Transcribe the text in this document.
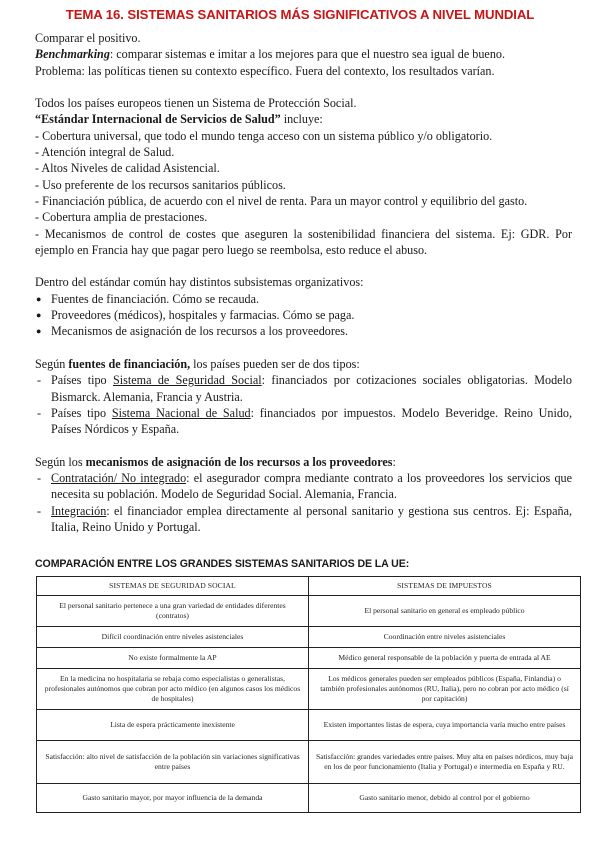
TEMA 16. SISTEMAS SANITARIOS MÁS SIGNIFICATIVOS A NIVEL MUNDIAL

Comparar el positivo.

Benchmarking: comparar sistemas e imitar a los mejores para que el nuestro sea igual de bueno.

Problema: las políticas tienen su contexto específico. Fuera del contexto, los resultados varían.

Todos los países europeos tienen un Sistema de Protección Social.

“Estándar Internacional de Servicios de Salud” incluye:

- Cobertura universal, que todo el mundo tenga acceso con un sistema público y/o obligatorio.

- Atención integral de Salud.

- Altos Niveles de calidad Asistencial.

- Uso preferente de los recursos sanitarios públicos.

- Financiación pública, de acuerdo con el nivel de renta. Para un mayor control y equilibrio del gasto.

- Cobertura amplia de prestaciones.

- Mecanismos de control de costes que aseguren la sostenibilidad financiera del sistema. Ej: GDR. Por ejemplo en Francia hay que pagar pero luego se reembolsa, esto reduce el abuso.

Dentro del estándar común hay distintos subsistemas organizativos:

● Fuentes de financiación. Cómo se recauda.
● Proveedores (médicos), hospitales y farmacias. Cómo se paga.
● Mecanismos de asignación de los recursos a los proveedores.

Según fuentes de financiación, los países pueden ser de dos tipos:

- Países tipo Sistema de Seguridad Social: financiados por cotizaciones sociales obligatorias. Modelo Bismarck. Alemania, Francia y Austria.
- Países tipo Sistema Nacional de Salud: financiados por impuestos. Modelo Beveridge. Reino Unido, Países Nórdicos y España.

Según los mecanismos de asignación de los recursos a los proveedores:

- Contratación/ No integrado: el asegurador compra mediante contrato a los proveedores los servicios que necesita su población. Modelo de Seguridad Social. Alemania, Francia.
- Integración: el financiador emplea directamente al personal sanitario y gestiona sus centros. Ej: España, Italia, Reino Unido y Portugal.
COMPARACIÓN ENTRE LOS GRANDES SISTEMAS SANITARIOS DE LA UE:
SISTEMAS DE SEGURIDAD SOCIAL	SISTEMAS DE IMPUESTOS
El personal sanitario pertenece a una gran variedad de entidades diferentes (contratos)	El personal sanitario en general es empleado público
Difícil coordinación entre niveles asistenciales	Coordinación entre niveles asistenciales
No existe formalmente la AP	Médico general responsable de la población y puerta de entrada al AE
En la medicina no hospitalaria se rebaja como especialistas o generalistas, profesionales autónomos que cobran por acto médico (en algunos casos los médicos de hospitales)	Los médicos generales pueden ser empleados públicos (España, Finlandia) o también profesionales autónomos (RU, Italia), pero no cobran por acto médico (sí por capitación)
Lista de espera prácticamente inexistente	Existen importantes listas de espera, cuya importancia varía mucho entre países
Satisfacción: alto nivel de satisfacción de la población sin variaciones significativas entre países	Satisfacción: grandes variedades entre países. Muy alta en países nórdicos, muy baja en los de peor funcionamiento (Italia y Portugal) e intermedia en España y RU.
Gasto sanitario mayor, por mayor influencia de la demanda	Gasto sanitario menor, debido al control por el gobierno
